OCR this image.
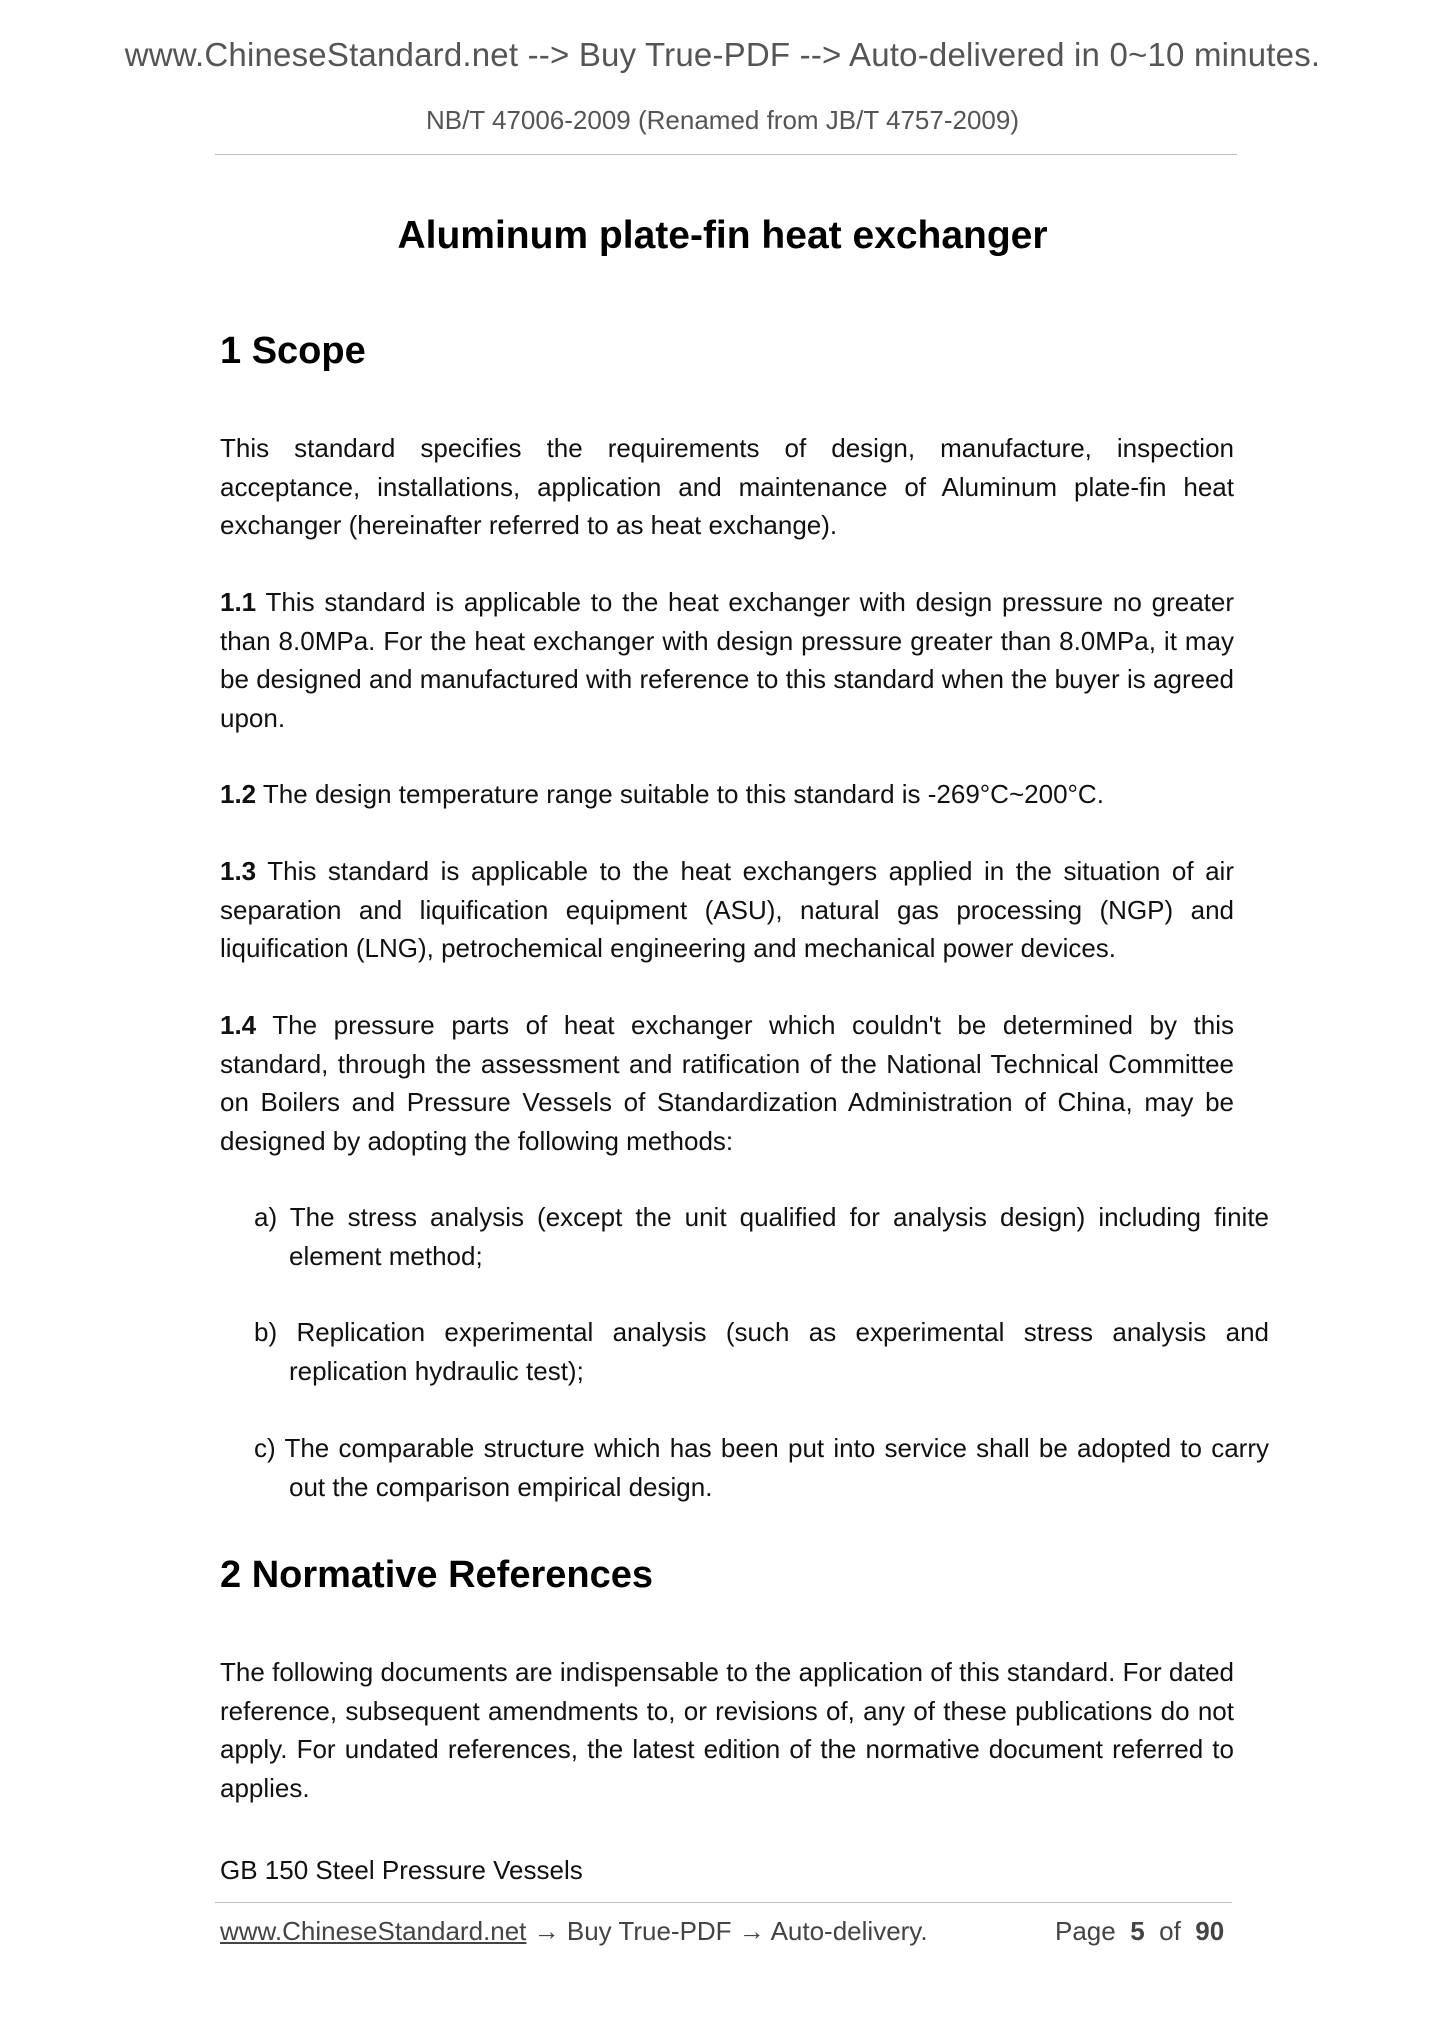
www.ChineseStandard.net --> Buy True-PDF --> Auto-delivered in 0~10 minutes.
NB/T 47006-2009 (Renamed from JB/T 4757-2009)
Aluminum plate-fin heat exchanger
1 Scope

This standard specifies the requirements of design, manufacture, inspection acceptance, installations, application and maintenance of Aluminum plate-fin heat exchanger (hereinafter referred to as heat exchange).

1.1 This standard is applicable to the heat exchanger with design pressure no greater than 8.0MPa. For the heat exchanger with design pressure greater than 8.0MPa, it may be designed and manufactured with reference to this standard when the buyer is agreed upon.

1.2 The design temperature range suitable to this standard is -269°C~200°C.

1.3 This standard is applicable to the heat exchangers applied in the situation of air separation and liquification equipment (ASU), natural gas processing (NGP) and liquification (LNG), petrochemical engineering and mechanical power devices.

1.4 The pressure parts of heat exchanger which couldn't be determined by this standard, through the assessment and ratification of the National Technical Committee on Boilers and Pressure Vessels of Standardization Administration of China, may be designed by adopting the following methods:

a) The stress analysis (except the unit qualified for analysis design) including finite element method;

b) Replication experimental analysis (such as experimental stress analysis and replication hydraulic test);

c) The comparable structure which has been put into service shall be adopted to carry out the comparison empirical design.

2 Normative References

The following documents are indispensable to the application of this standard. For dated reference, subsequent amendments to, or revisions of, any of these publications do not apply. For undated references, the latest edition of the normative document referred to applies.

GB 150 Steel Pressure Vessels

www.ChineseStandard.net → Buy True-PDF → Auto-delivery.	Page 5 of 90
